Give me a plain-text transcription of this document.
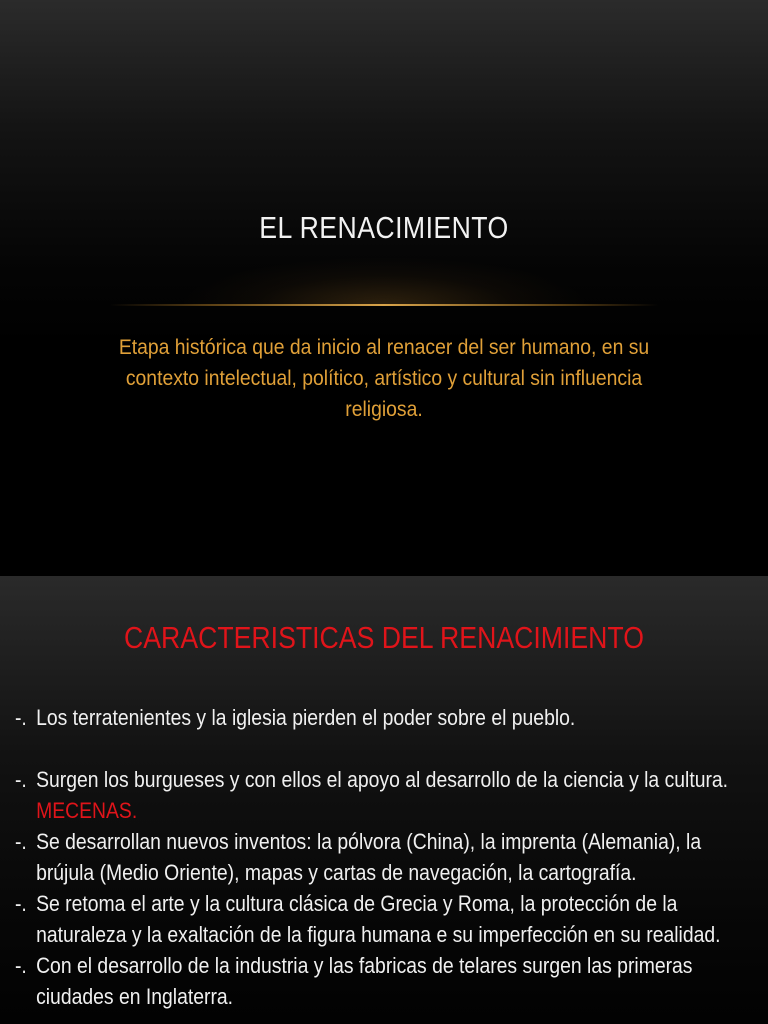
EL RENACIMIENTO
Etapa histórica que da inicio al renacer del ser humano, en su contexto intelectual, político, artístico y cultural sin influencia religiosa.
CARACTERISTICAS DEL RENACIMIENTO
-. Los terratenientes y la iglesia pierden el poder sobre el pueblo.
-. Surgen los burgueses y con ellos el apoyo al desarrollo de la ciencia y la cultura.  MECENAS.
-. Se desarrollan nuevos inventos: la pólvora (China), la imprenta (Alemania), la brújula (Medio Oriente), mapas y cartas de navegación, la cartografía.
-. Se retoma el arte y la cultura clásica de Grecia y Roma, la protección de la naturaleza y la exaltación de la figura humana e su imperfección en su realidad.
-. Con el desarrollo de la industria y las fabricas de telares surgen las primeras ciudades en Inglaterra.
